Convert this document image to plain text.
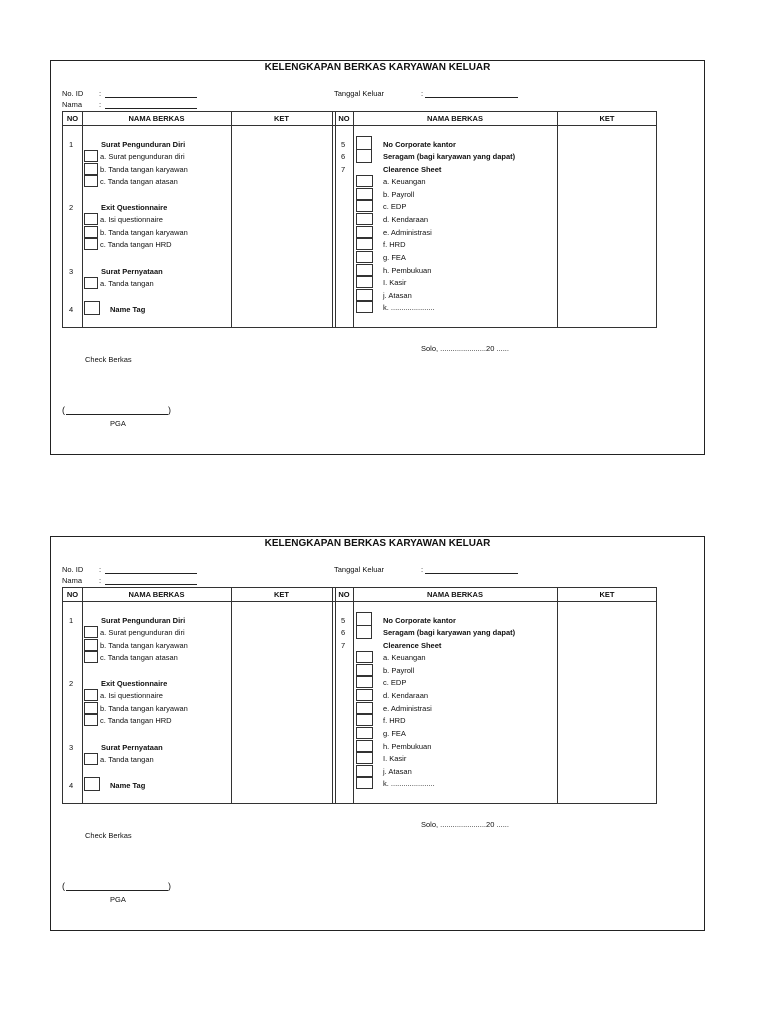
KELENGKAPAN BERKAS KARYAWAN KELUAR
No. ID :
Nama :
Tanggal Keluar	:
NO	NAMA BERKAS	KET	NO	NAMA BERKAS	KET
1	Surat Pengunduran Diri
a. Surat pengunduran diri
b. Tanda tangan karyawan
c. Tanda tangan atasan
2	Exit Questionnaire
a. Isi questionnaire
b. Tanda tangan karyawan
c. Tanda tangan HRD
3	Surat Pernyataan
a. Tanda tangan
4	Name Tag
5	No Corporate kantor
6	Seragam (bagi karyawan yang dapat)
7	Clearence Sheet
a. Keuangan
b. Payroll
c. EDP
d. Kendaraan
e. Administrasi
f. HRD
g. FEA
h. Pembukuan
I. Kasir
j. Atasan
k. .....................
Solo, ......................20 ......
Check Berkas
(	)
PGA
KELENGKAPAN BERKAS KARYAWAN KELUAR
No. ID :
Nama :
Tanggal Keluar	:
NO	NAMA BERKAS	KET	NO	NAMA BERKAS	KET
1	Surat Pengunduran Diri
a. Surat pengunduran diri
b. Tanda tangan karyawan
c. Tanda tangan atasan
2	Exit Questionnaire
a. Isi questionnaire
b. Tanda tangan karyawan
c. Tanda tangan HRD
3	Surat Pernyataan
a. Tanda tangan
4	Name Tag
5	No Corporate kantor
6	Seragam (bagi karyawan yang dapat)
7	Clearence Sheet
a. Keuangan
b. Payroll
c. EDP
d. Kendaraan
e. Administrasi
f. HRD
g. FEA
h. Pembukuan
I. Kasir
j. Atasan
k. .....................
Solo, ......................20 ......
Check Berkas
(	)
PGA
